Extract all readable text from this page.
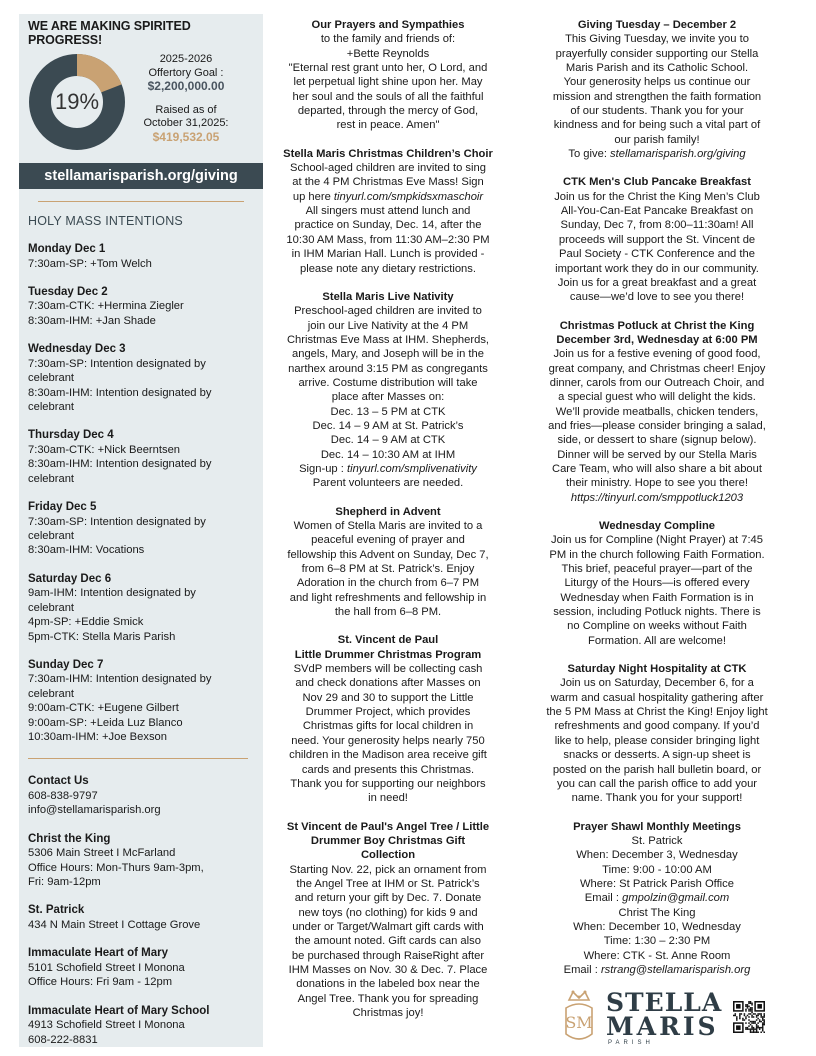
WE ARE MAKING SPIRITED PROGRESS!
19%
2025-2026
Offertory Goal :
$2,200,000.00
Raised as of
October 31,2025:
$419,532.05
stellamarisparish.org/giving
HOLY MASS INTENTIONS
Monday Dec 1
7:30am-SP: +Tom Welch
Tuesday Dec 2
7:30am-CTK: +Hermina Ziegler
8:30am-IHM: +Jan Shade
Wednesday Dec 3
7:30am-SP: Intention designated by
celebrant
8:30am-IHM: Intention designated by
celebrant
Thursday Dec 4
7:30am-CTK: +Nick Beerntsen
8:30am-IHM: Intention designated by
celebrant
Friday Dec 5
7:30am-SP: Intention designated by
celebrant
8:30am-IHM: Vocations
Saturday Dec 6
9am-IHM: Intention designated by
celebrant
4pm-SP: +Eddie Smick
5pm-CTK: Stella Maris Parish
Sunday Dec 7
7:30am-IHM: Intention designated by
celebrant
9:00am-CTK: +Eugene Gilbert
9:00am-SP: +Leida Luz Blanco
10:30am-IHM: +Joe Bexson
Contact Us
608-838-9797
info@stellamarisparish.org
Christ the King
5306 Main Street I McFarland
Office Hours: Mon-Thurs 9am-3pm,
Fri: 9am-12pm
St. Patrick
434 N Main Street I Cottage Grove
Immaculate Heart of Mary
5101 Schofield Street I Monona
Office Hours: Fri 9am - 12pm
Immaculate Heart of Mary School
4913 Schofield Street I Monona
608-222-8831
Our Prayers and Sympathies
to the family and friends of:
+Bette Reynolds
"Eternal rest grant unto her, O Lord, and
let perpetual light shine upon her. May
her soul and the souls of all the faithful
departed, through the mercy of God,
rest in peace. Amen"
Stella Maris Christmas Children’s Choir
School-aged children are invited to sing
at the 4 PM Christmas Eve Mass! Sign
up here tinyurl.com/smpkidsxmaschoir
All singers must attend lunch and
practice on Sunday, Dec. 14, after the
10:30 AM Mass, from 11:30 AM–2:30 PM
in IHM Marian Hall. Lunch is provided -
please note any dietary restrictions.
Stella Maris Live Nativity
Preschool-aged children are invited to
join our Live Nativity at the 4 PM
Christmas Eve Mass at IHM. Shepherds,
angels, Mary, and Joseph will be in the
narthex around 3:15 PM as congregants
arrive. Costume distribution will take
place after Masses on:
Dec. 13 – 5 PM at CTK
Dec. 14 – 9 AM at St. Patrick’s
Dec. 14 – 9 AM at CTK
Dec. 14 – 10:30 AM at IHM
Sign-up : tinyurl.com/smplivenativity
Parent volunteers are needed.
Shepherd in Advent
Women of Stella Maris are invited to a
peaceful evening of prayer and
fellowship this Advent on Sunday, Dec 7,
from 6–8 PM at St. Patrick’s. Enjoy
Adoration in the church from 6–7 PM
and light refreshments and fellowship in
the hall from 6–8 PM.
St. Vincent de Paul
Little Drummer Christmas Program
SVdP members will be collecting cash
and check donations after Masses on
Nov 29 and 30 to support the Little
Drummer Project, which provides
Christmas gifts for local children in
need. Your generosity helps nearly 750
children in the Madison area receive gift
cards and presents this Christmas.
Thank you for supporting our neighbors
in need!
St Vincent de Paul's Angel Tree / Little
Drummer Boy Christmas Gift
Collection
Starting Nov. 22, pick an ornament from
the Angel Tree at IHM or St. Patrick’s
and return your gift by Dec. 7. Donate
new toys (no clothing) for kids 9 and
under or Target/Walmart gift cards with
the amount noted. Gift cards can also
be purchased through RaiseRight after
IHM Masses on Nov. 30 & Dec. 7. Place
donations in the labeled box near the
Angel Tree. Thank you for spreading
Christmas joy!
Giving Tuesday – December 2
This Giving Tuesday, we invite you to
prayerfully consider supporting our Stella
Maris Parish and its Catholic School.
Your generosity helps us continue our
mission and strengthen the faith formation
of our students. Thank you for your
kindness and for being such a vital part of
our parish family!
To give: stellamarisparish.org/giving
CTK Men's Club Pancake Breakfast
Join us for the Christ the King Men’s Club
All-You-Can-Eat Pancake Breakfast on
Sunday, Dec 7, from 8:00–11:30am! All
proceeds will support the St. Vincent de
Paul Society - CTK Conference and the
important work they do in our community.
Join us for a great breakfast and a great
cause—we’d love to see you there!
Christmas Potluck at Christ the King
December 3rd, Wednesday at 6:00 PM
Join us for a festive evening of good food,
great company, and Christmas cheer! Enjoy
dinner, carols from our Outreach Choir, and
a special guest who will delight the kids.
We’ll provide meatballs, chicken tenders,
and fries—please consider bringing a salad,
side, or dessert to share (signup below).
Dinner will be served by our Stella Maris
Care Team, who will also share a bit about
their ministry. Hope to see you there!
https://tinyurl.com/smppotluck1203
Wednesday Compline
Join us for Compline (Night Prayer) at 7:45
PM in the church following Faith Formation.
This brief, peaceful prayer—part of the
Liturgy of the Hours—is offered every
Wednesday when Faith Formation is in
session, including Potluck nights. There is
no Compline on weeks without Faith
Formation. All are welcome!
Saturday Night Hospitality at CTK
Join us on Saturday, December 6, for a
warm and casual hospitality gathering after
the 5 PM Mass at Christ the King! Enjoy light
refreshments and good company. If you’d
like to help, please consider bringing light
snacks or desserts. A sign-up sheet is
posted on the parish hall bulletin board, or
you can call the parish office to add your
name. Thank you for your support!
Prayer Shawl Monthly Meetings
St. Patrick
When: December 3, Wednesday
Time: 9:00 - 10:00 AM
Where: St Patrick Parish Office
Email : gmpolzin@gmail.com
Christ The King
When: December 10, Wednesday
Time: 1:30 – 2:30 PM
Where: CTK - St. Anne Room
Email : rstrang@stellamarisparish.org
SM
STELLA
MARIS
PARISH
